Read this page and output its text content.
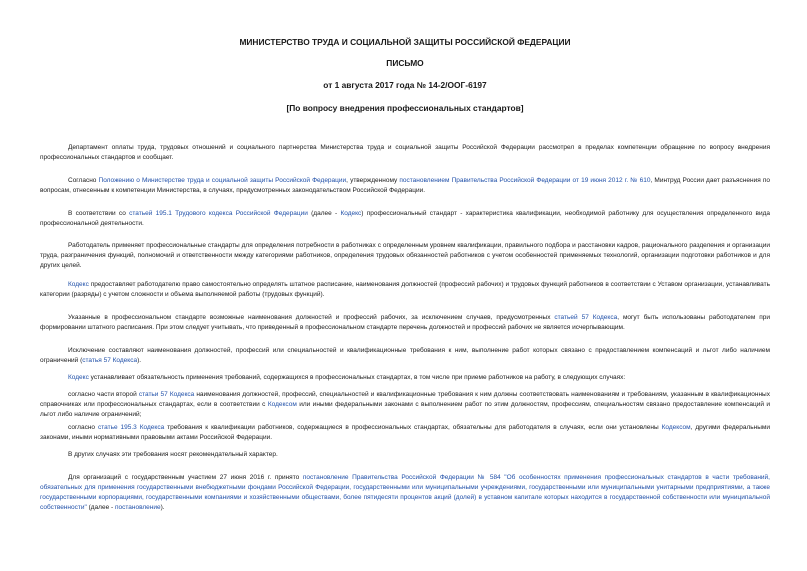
МИНИСТЕРСТВО ТРУДА И СОЦИАЛЬНОЙ ЗАЩИТЫ РОССИЙСКОЙ ФЕДЕРАЦИИ
ПИСЬМО
от 1 августа 2017 года № 14-2/ООГ-6197
[По вопросу внедрения профессиональных стандартов]
Департамент оплаты труда, трудовых отношений и социального партнерства Министерства труда и социальной защиты Российской Федерации рассмотрел в пределах компетенции обращение по вопросу внедрения профессиональных стандартов и сообщает.
Согласно Положению о Министерстве труда и социальной защиты Российской Федерации, утвержденному постановлением Правительства Российской Федерации от 19 июня 2012 г. № 610, Минтруд России дает разъяснения по вопросам, отнесенным к компетенции Министерства, в случаях, предусмотренных законодательством Российской Федерации.
В соответствии со статьей 195.1 Трудового кодекса Российской Федерации (далее - Кодекс) профессиональный стандарт - характеристика квалификации, необходимой работнику для осуществления определенного вида профессиональной деятельности.
Работодатель применяет профессиональные стандарты для определения потребности в работниках с определенным уровнем квалификации, правильного подбора и расстановки кадров, рационального разделения и организации труда, разграничения функций, полномочий и ответственности между категориями работников, определения трудовых обязанностей работников с учетом особенностей применяемых технологий, организации подготовки работников и для других целей.
Кодекс предоставляет работодателю право самостоятельно определять штатное расписание, наименования должностей (профессий рабочих) и трудовых функций работников в соответствии с Уставом организации, устанавливать категории (разряды) с учетом сложности и объема выполняемой работы (трудовых функций).
Указанные в профессиональном стандарте возможные наименования должностей и профессий рабочих, за исключением случаев, предусмотренных статьей 57 Кодекса, могут быть использованы работодателем при формировании штатного расписания. При этом следует учитывать, что приведенный в профессиональном стандарте перечень должностей и профессий рабочих не является исчерпывающим.
Исключение составляют наименования должностей, профессий или специальностей и квалификационные требования к ним, выполнение работ которых связано с предоставлением компенсаций и льгот либо наличием ограничений (статья 57 Кодекса).
Кодекс устанавливает обязательность применения требований, содержащихся в профессиональных стандартах, в том числе при приеме работников на работу, в следующих случаях:
согласно части второй статьи 57 Кодекса наименования должностей, профессий, специальностей и квалификационные требования к ним должны соответствовать наименованиям и требованиям, указанным в квалификационных справочниках или профессиональных стандартах, если в соответствии с Кодексом или иными федеральными законами с выполнением работ по этим должностям, профессиям, специальностям связано предоставление компенсаций и льгот либо наличие ограничений;
согласно статье 195.3 Кодекса требования к квалификации работников, содержащиеся в профессиональных стандартах, обязательны для работодателя в случаях, если они установлены Кодексом, другими федеральными законами, иными нормативными правовыми актами Российской Федерации.
В других случаях эти требования носят рекомендательный характер.
Для организаций с государственным участием 27 июня 2016 г. принято постановление Правительства Российской Федерации № 584 "Об особенностях применения профессиональных стандартов в части требований, обязательных для применения государственными внебюджетными фондами Российской Федерации, государственными или муниципальными учреждениями, государственными или муниципальными унитарными предприятиями, а также государственными корпорациями, государственными компаниями и хозяйственными обществами, более пятидесяти процентов акций (долей) в уставном капитале которых находится в государственной собственности или муниципальной собственности" (далее - постановление).
